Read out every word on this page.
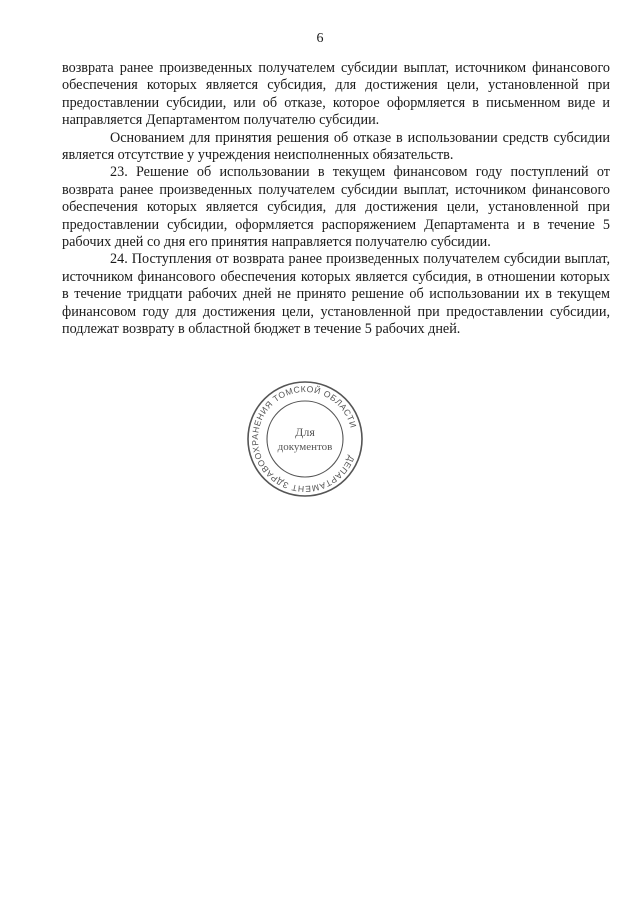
6

возврата ранее произведенных получателем субсидии выплат, источником финансового обеспечения которых является субсидия, для достижения цели, установленной при предоставлении субсидии, или об отказе, которое оформляется в письменном виде и направляется Департаментом получателю субсидии.

Основанием для принятия решения об отказе в использовании средств субсидии является отсутствие у учреждения неисполненных обязательств.

23. Решение об использовании в текущем финансовом году поступлений от возврата ранее произведенных получателем субсидии выплат, источником финансового обеспечения которых является субсидия, для достижения цели, установленной при предоставлении субсидии, оформляется распоряжением Департамента и в течение 5 рабочих дней со дня его принятия направляется получателю субсидии.

24. Поступления от возврата ранее произведенных получателем субсидии выплат, источником финансового обеспечения которых является субсидия, в отношении которых в течение тридцати рабочих дней не принято решение об использовании их в текущем финансовом году для достижения цели, установленной при предоставлении субсидии, подлежат возврату в областной бюджет в течение 5 рабочих дней.

ДЕПАРТАМЕНТ ЗДРАВООХРАНЕНИЯ ТОМСКОЙ ОБЛАСТИ
Для
документов
